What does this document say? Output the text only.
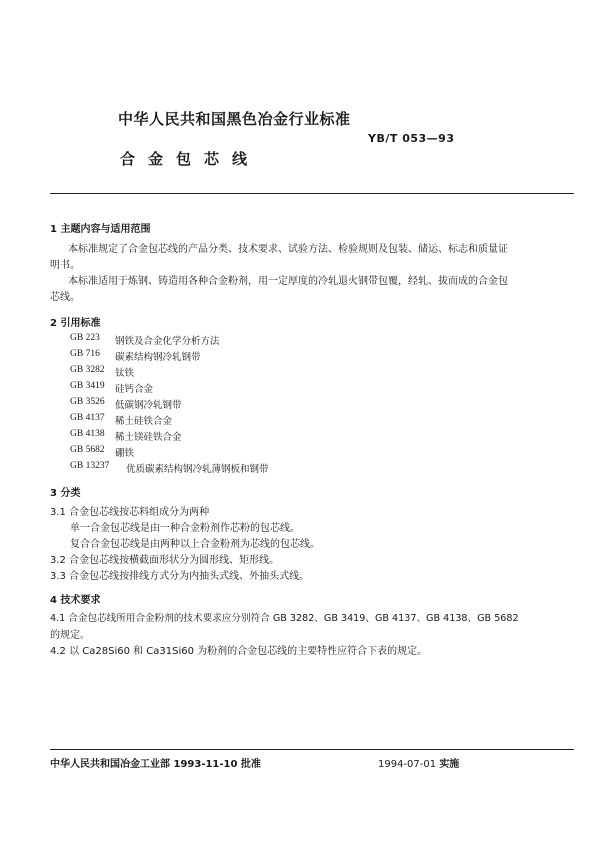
中华人民共和国黑色冶金行业标准
YB/T 053—93
合金包芯线
1 主题内容与适用范围
本标准规定了合金包芯线的产品分类、技术要求、试验方法、检验规则及包装、储运、标志和质量证
明书。
本标准适用于炼钢、铸造用各种合金粉剂，用一定厚度的冷轧退火钢带包覆，经轧、拔而成的合金包
芯线。
2 引用标准
GB 223 钢铁及合金化学分析方法
GB 716 碳素结构钢冷轧钢带
GB 3282 钛铁
GB 3419 硅钙合金
GB 3526 低碳钢冷轧钢带
GB 4137 稀土硅铁合金
GB 4138 稀土镁硅铁合金
GB 5682 硼铁
GB 13237 优质碳素结构钢冷轧薄钢板和钢带
3 分类
3.1 合金包芯线按芯料组成分为两种
单一合金包芯线是由一种合金粉剂作芯粉的包芯线。
复合合金包芯线是由两种以上合金粉剂为芯线的包芯线。
3.2 合金包芯线按横截面形状分为圆形线、矩形线。
3.3 合金包芯线按排线方式分为内抽头式线、外抽头式线。
4 技术要求
4.1 合金包芯线所用合金粉剂的技术要求应分别符合 GB 3282、GB 3419、GB 4137、GB 4138、GB 5682
的规定。
4.2 以 Ca28Si60 和 Ca31Si60 为粉剂的合金包芯线的主要特性应符合下表的规定。
中华人民共和国冶金工业部 1993-11-10 批准	1994-07-01 实施
